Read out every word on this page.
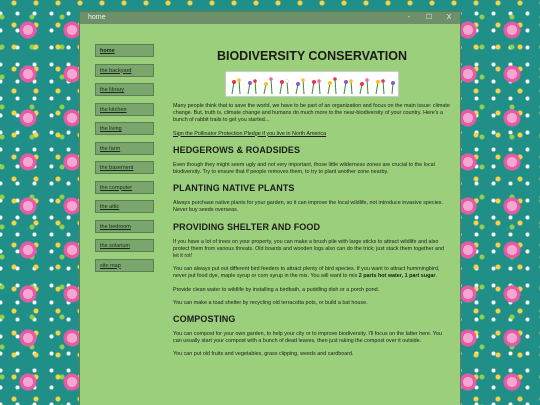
home	-	☐	X
home
the backyard
the library
the kitchen
the living
the farm
the basement
the computer
the attic
the bedroom
the solarium
site map
BIODIVERSITY CONSERVATION

Many people think that to save the world, we have to be part of an organization and focus on the main issue: climate change. But, truth is, climate change and humans do much more to the near-biodiversity of your country. Here's a bunch of rabbit trails to get you started...

Sign the Pollinator Protection Pledge if you live in North America

HEDGEROWS & ROADSIDES

Even though they might seem ugly and not very important, those little wilderness zones are crucial to the local biodiversity. Try to ensure that if people removes them, to try to plant another zone nearby.

PLANTING NATIVE PLANTS

Always purchase native plants for your garden, so it can improve the local wildlife, not introduce invasive species. Never buy seeds overseas.

PROVIDING SHELTER AND FOOD

If you have a lot of trees on your property, you can make a brush pile with large sticks to attract wildlife and also protect them from various threats. Old boards and wooden logs also can do the trick; just stack them together and let it rot!

You can always put out different bird feeders to attract plenty of bird species. If you want to attract hummingbird, never put food dye, maple syrup or corn syrup in the mix. You will want to mix 2 parts hot water, 1 part sugar.

Provide clean water to wildlife by installing a birdbath, a puddling dish or a porch pond.

You can make a toad shelter by recycling old terracotta pots, or build a bat house.

COMPOSTING

You can compost for your own garden, to help your city or to improve biodiversity. I'll focus on the latter here. You can usually start your compost with a bunch of dead leaves, then just raking the compost over it outside.

You can put old fruits and vegetables, grass clipping, weeds and cardboard.
